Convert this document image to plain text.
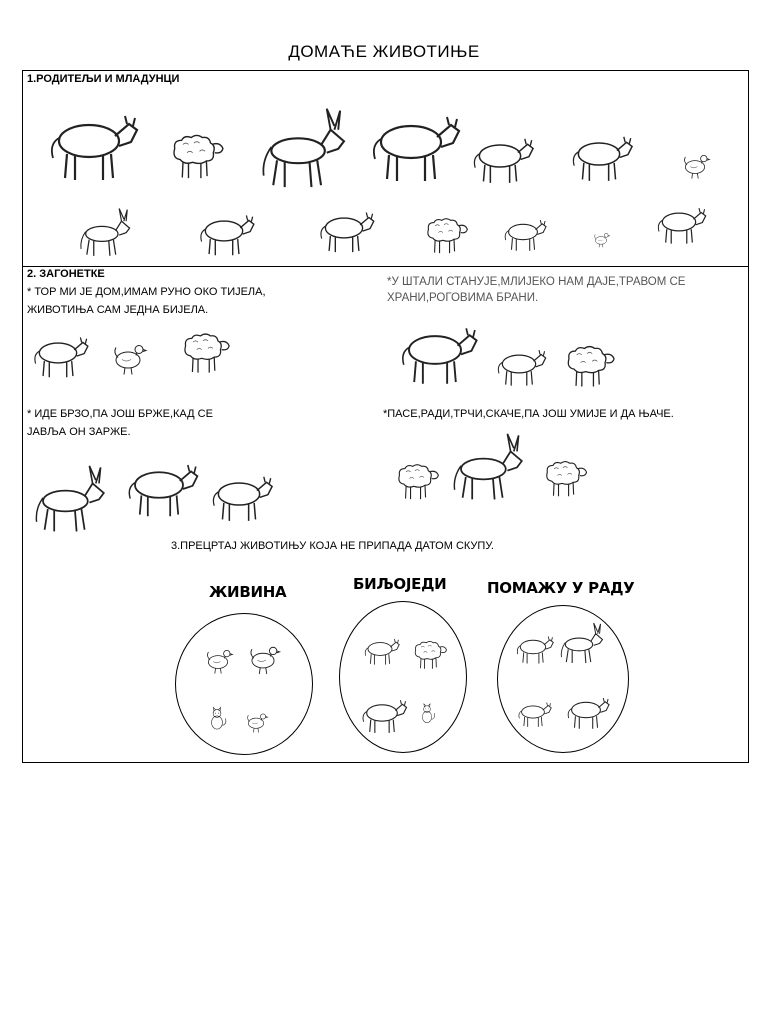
ДОМАЋЕ ЖИВОТИЊЕ
1.РОДИТЕЉИ И МЛАДУНЦИ
2. ЗАГОНЕТКЕ
* ТОР МИ ЈЕ ДОМ,ИМАМ РУНО ОКО ТИЈЕЛА,
ЖИВОТИЊА САМ ЈЕДНА БИЈЕЛА.
*У ШТАЛИ СТАНУЈЕ,МЛИЈЕКО НАМ ДАЈЕ,ТРАВОМ СЕ
ХРАНИ,РОГОВИМА БРАНИ.
* ИДЕ БРЗО,ПА ЈОШ БРЖЕ,КАД СЕ
ЈАВЉА ОН ЗАРЖЕ.
*ПАСЕ,РАДИ,ТРЧИ,СКАЧЕ,ПА ЈОШ УМИЈЕ И ДА ЊАЧЕ.
3.ПРЕЦРТАЈ ЖИВОТИЊУ КОЈА НЕ ПРИПАДА ДАТОМ СКУПУ.
ЖИВИНА	БИЉОЈЕДИ	ПОМАЖУ У РАДУ
